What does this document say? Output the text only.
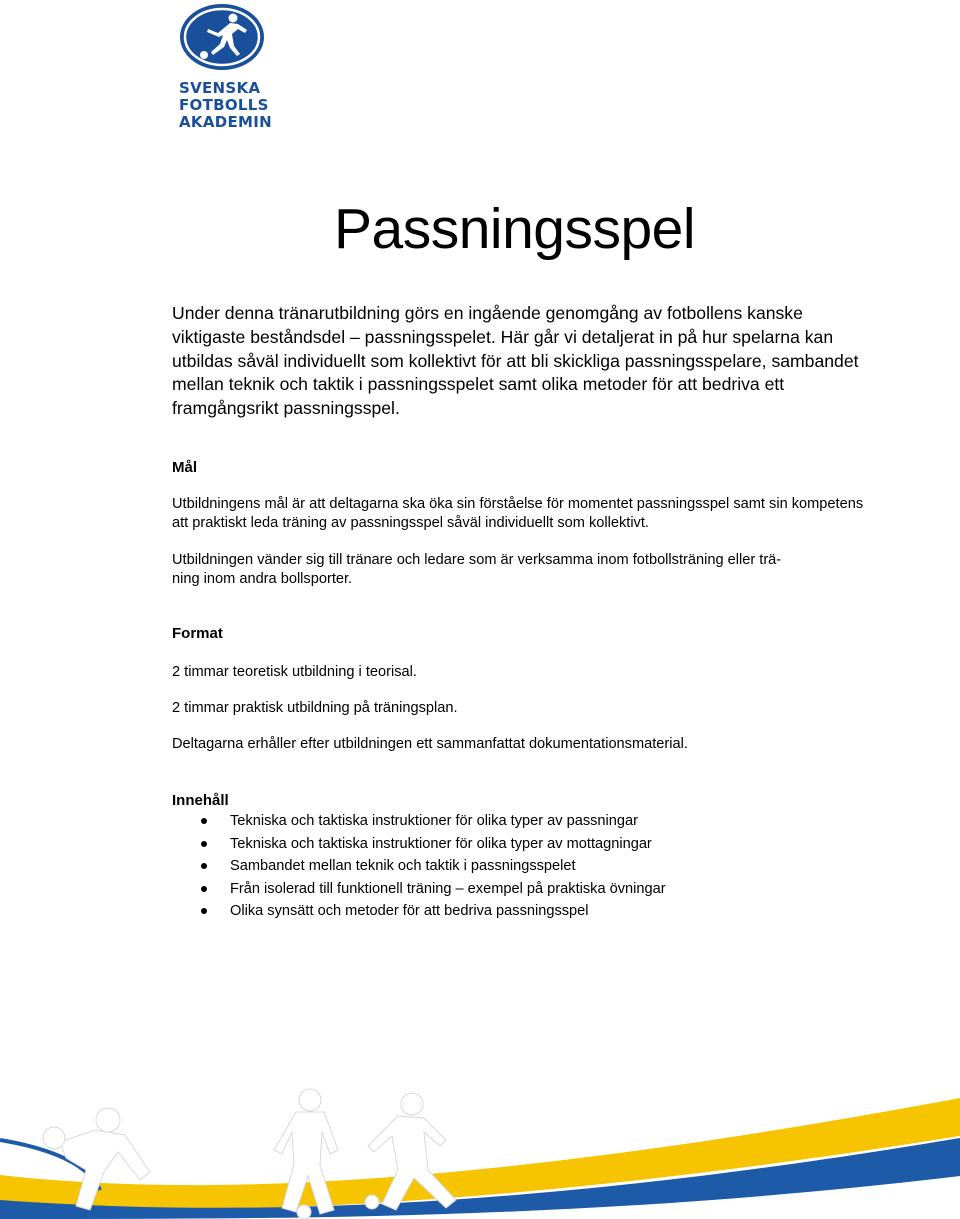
SVENSKA
FOTBOLLS
AKADEMIN
Passningsspel

Under denna tränarutbildning görs en ingående genomgång av fotbollens kanske viktigaste beståndsdel – passningsspelet. Här går vi detaljerat in på hur spelarna kan utbildas såväl individuellt som kollektivt för att bli skickliga passningsspelare, sambandet mellan teknik och taktik i passningsspelet samt olika metoder för att bedriva ett framgångsrikt passningsspel.

Mål

Utbildningens mål är att deltagarna ska öka sin förståelse för momentet passningsspel samt sin kompetens att praktiskt leda träning av passningsspel såväl individuellt som kollektivt.

Utbildningen vänder sig till tränare och ledare som är verksamma inom fotbollsträning eller trä-
ning inom andra bollsporter.
Format

2 timmar teoretisk utbildning i teorisal.

2 timmar praktisk utbildning på träningsplan.

Deltagarna erhåller efter utbildningen ett sammanfattat dokumentationsmaterial.

Innehåll
Tekniska och taktiska instruktioner för olika typer av passningar
Tekniska och taktiska instruktioner för olika typer av mottagningar
Sambandet mellan teknik och taktik i passningsspelet
Från isolerad till funktionell träning – exempel på praktiska övningar
Olika synsätt och metoder för att bedriva passningsspel
